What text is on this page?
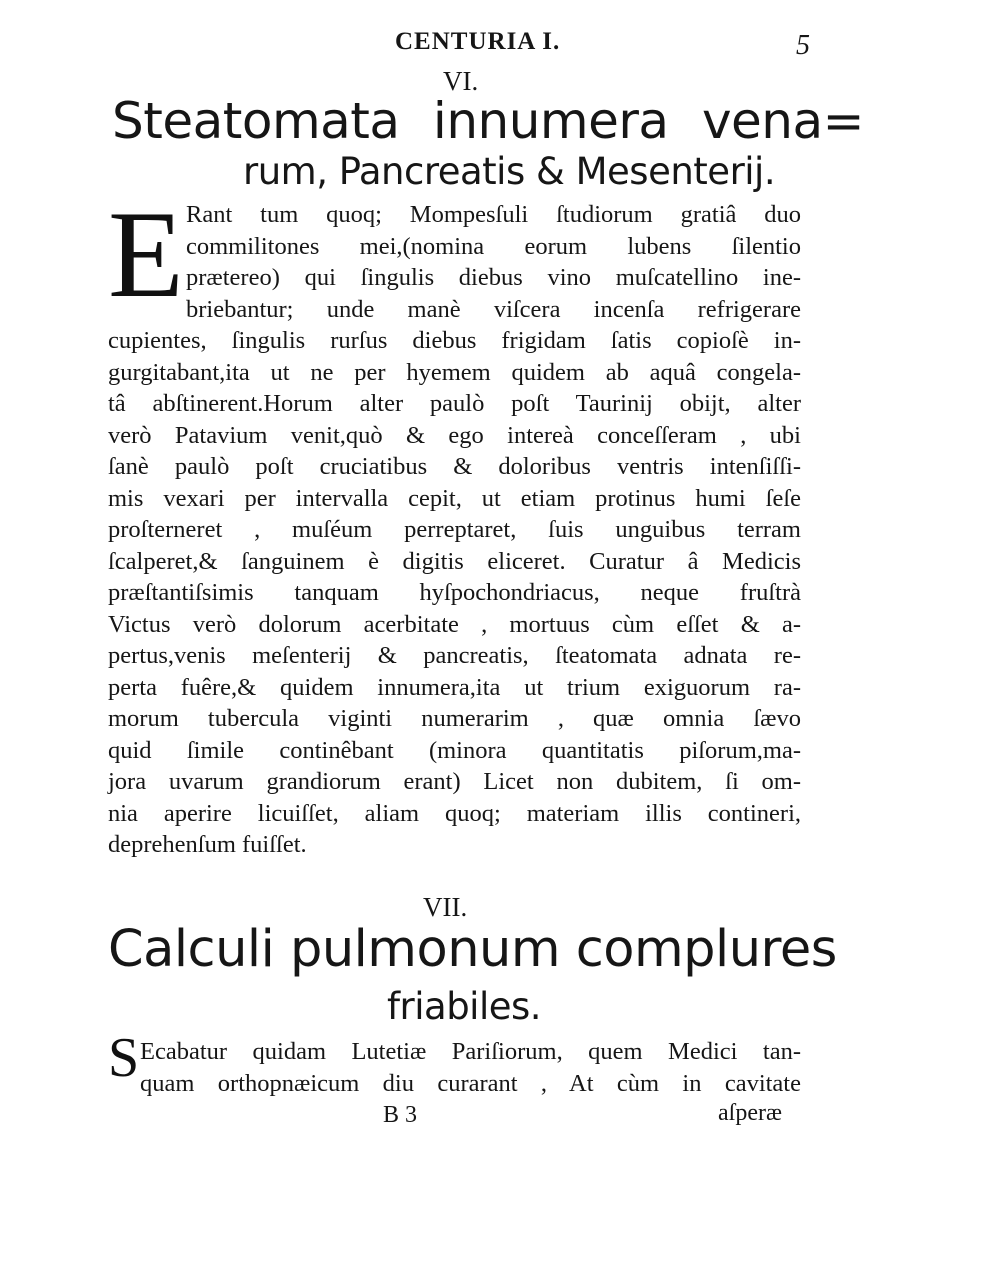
CENTURIA I.	5
VI.
Steatomata innumera vena=
rum, Pancreatis & Mesenterij.
E Rant tum quoq; Mompesſuli ſtudiorum gratiâ duo
commilitones mei,(nomina eorum lubens ſilentio
prætereo) qui ſingulis diebus vino muſcatellino ine-
briebantur; unde manè viſcera incenſa refrigerare
cupientes, ſingulis rurſus diebus frigidam ſatis copioſè in-
gurgitabant,ita ut ne per hyemem quidem ab aquâ congela-
tâ abſtinerent.Horum alter paulò poſt Taurinij obijt, alter
verò Patavium venit,quò & ego intereà conceſſeram , ubi
ſanè paulò poſt cruciatibus & doloribus ventris intenſiſſi-
mis vexari per intervalla cepit, ut etiam protinus humi ſeſe
proſterneret , muſéum perreptaret, ſuis unguibus terram
ſcalperet,& ſanguinem è digitis eliceret. Curatur â Medicis
præſtantiſsimis tanquam hyſpochondriacus, neque fruſtrà
Victus verò dolorum acerbitate , mortuus cùm eſſet & a-
pertus,venis meſenterij & pancreatis, ſteatomata adnata re-
perta fuêre,& quidem innumera,ita ut trium exiguorum ra-
morum tubercula viginti numerarim , quæ omnia ſævo
quid ſimile continêbant (minora quantitatis piſorum,ma-
jora uvarum grandiorum erant) Licet non dubitem, ſi om-
nia aperire licuiſſet, aliam quoq; materiam illis contineri,
deprehenſum fuiſſet.
VII.
Calculi pulmonum complures
friabiles.
S Ecabatur quidam Lutetiæ Pariſiorum, quem Medici tan-
quam orthopnæicum diu curarant , At cùm in cavitate
B 3	aſperæ
